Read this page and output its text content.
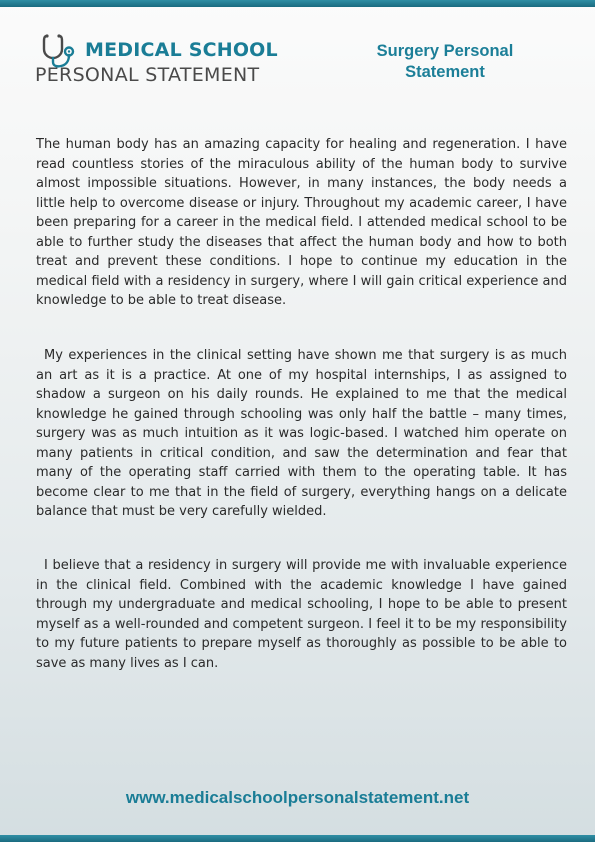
MEDICAL SCHOOL
PERSONAL STATEMENT
Surgery Personal
Statement

The human body has an amazing capacity for healing and regeneration. I have read countless stories of the miraculous ability of the human body to survive almost impossible situations. However, in many instances, the body needs a little help to overcome disease or injury. Throughout my academic career, I have been preparing for a career in the medical field. I attended medical school to be able to further study the diseases that affect the human body and how to both treat and prevent these conditions. I hope to continue my education in the medical field with a residency in surgery, where I will gain critical experience and knowledge to be able to treat disease.

My experiences in the clinical setting have shown me that surgery is as much an art as it is a practice. At one of my hospital internships, I as assigned to shadow a surgeon on his daily rounds. He explained to me that the medical knowledge he gained through schooling was only half the battle – many times, surgery was as much intuition as it was logic-based. I watched him operate on many patients in critical condition, and saw the determination and fear that many of the operating staff carried with them to the operating table. It has become clear to me that in the field of surgery, everything hangs on a delicate balance that must be very carefully wielded.

I believe that a residency in surgery will provide me with invaluable experience in the clinical field. Combined with the academic knowledge I have gained through my undergraduate and medical schooling, I hope to be able to present myself as a well-rounded and competent surgeon. I feel it to be my responsibility to my future patients to prepare myself as thoroughly as possible to be able to save as many lives as I can.

www.medicalschoolpersonalstatement.net
